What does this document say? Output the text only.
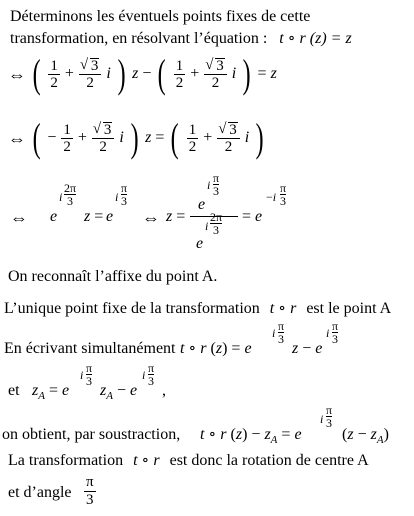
Déterminons les éventuels points fixes de cette
transformation, en résolvant l’équation : t ∘ r (z) = z
⇔ ( $\frac{1}{2}$ + √ $\frac{3}{2}$ i ) z − ( $\frac{1}{2}$ + √ $\frac{3}{2}$ i ) = z
⇔ ( − $\frac{1}{2}$ + √ $\frac{3}{2}$ i ) z = ( $\frac{1}{2}$ + √ $\frac{3}{2}$ i )
⇔ e
i
2π
3
z = e
i
π
3
⇔ z =
e
i π
3
e
i
2π
3
= e
−i
π
3
On reconnaît l’affixe du point A.
L’unique point fixe de la transformation t ∘ r est le point A
En écrivant simultanément t ∘ r (z) = e
i π
3
z − e
i π
3
et $z_A = e$
i π
3
$z_A - e$
i π
3
,
on obtient, par soustraction, t ∘ r $(z) - z_A = e$
i
π
3
$(z - z_A)$
La transformation t ∘ r est donc la rotation de centre A
et d’angle
π
3
